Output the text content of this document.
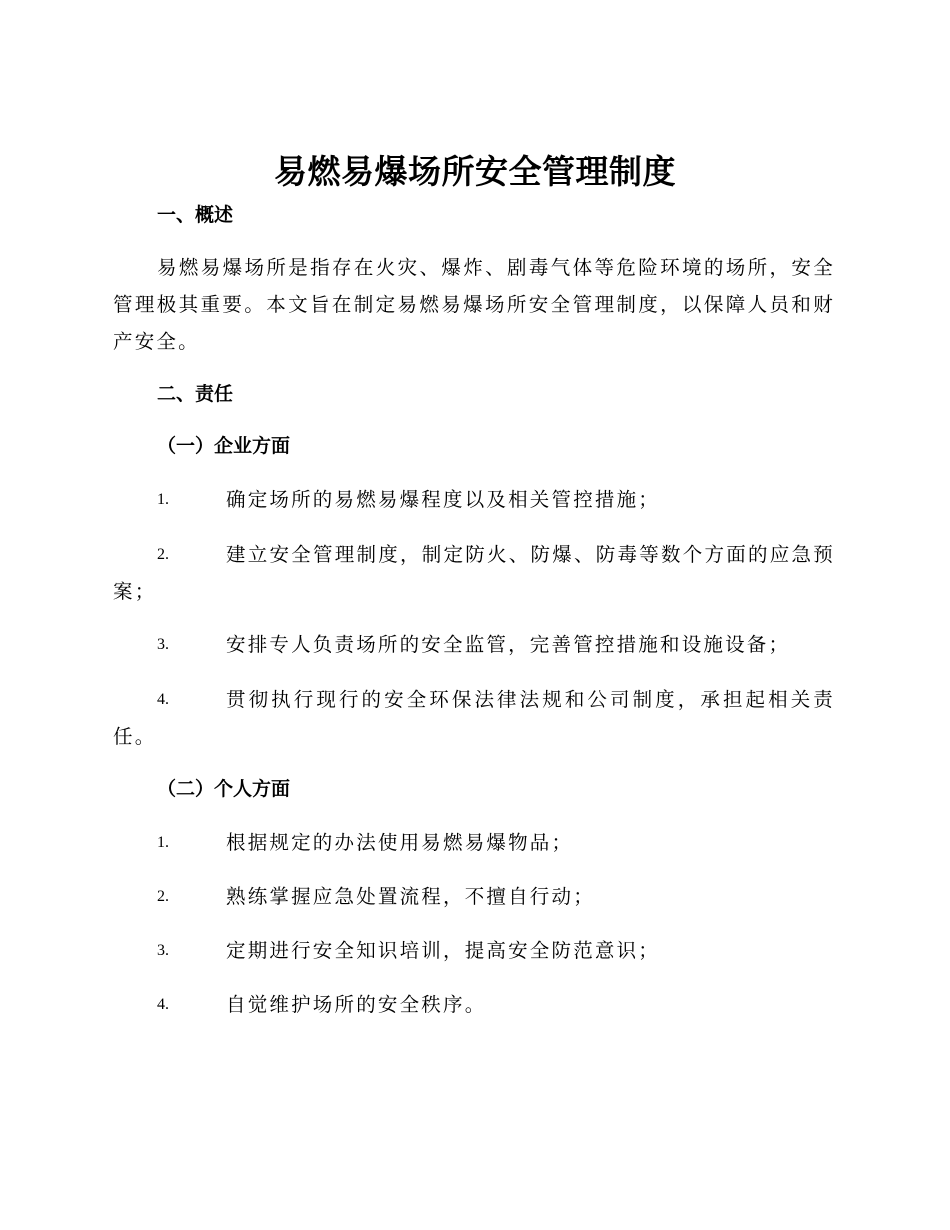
易燃易爆场所安全管理制度
一、概述
易燃易爆场所是指存在火灾、爆炸、剧毒气体等危险环境的场所，安全管理极其重要。本文旨在制定易燃易爆场所安全管理制度，以保障人员和财产安全。
二、责任
（一）企业方面
1.	确定场所的易燃易爆程度以及相关管控措施；
2.	建立安全管理制度，制定防火、防爆、防毒等数个方面的应急预案；
3.	安排专人负责场所的安全监管，完善管控措施和设施设备；
4.	贯彻执行现行的安全环保法律法规和公司制度，承担起相关责任。
（二）个人方面
1.	根据规定的办法使用易燃易爆物品；
2.	熟练掌握应急处置流程，不擅自行动；
3.	定期进行安全知识培训，提高安全防范意识；
4.	自觉维护场所的安全秩序。
